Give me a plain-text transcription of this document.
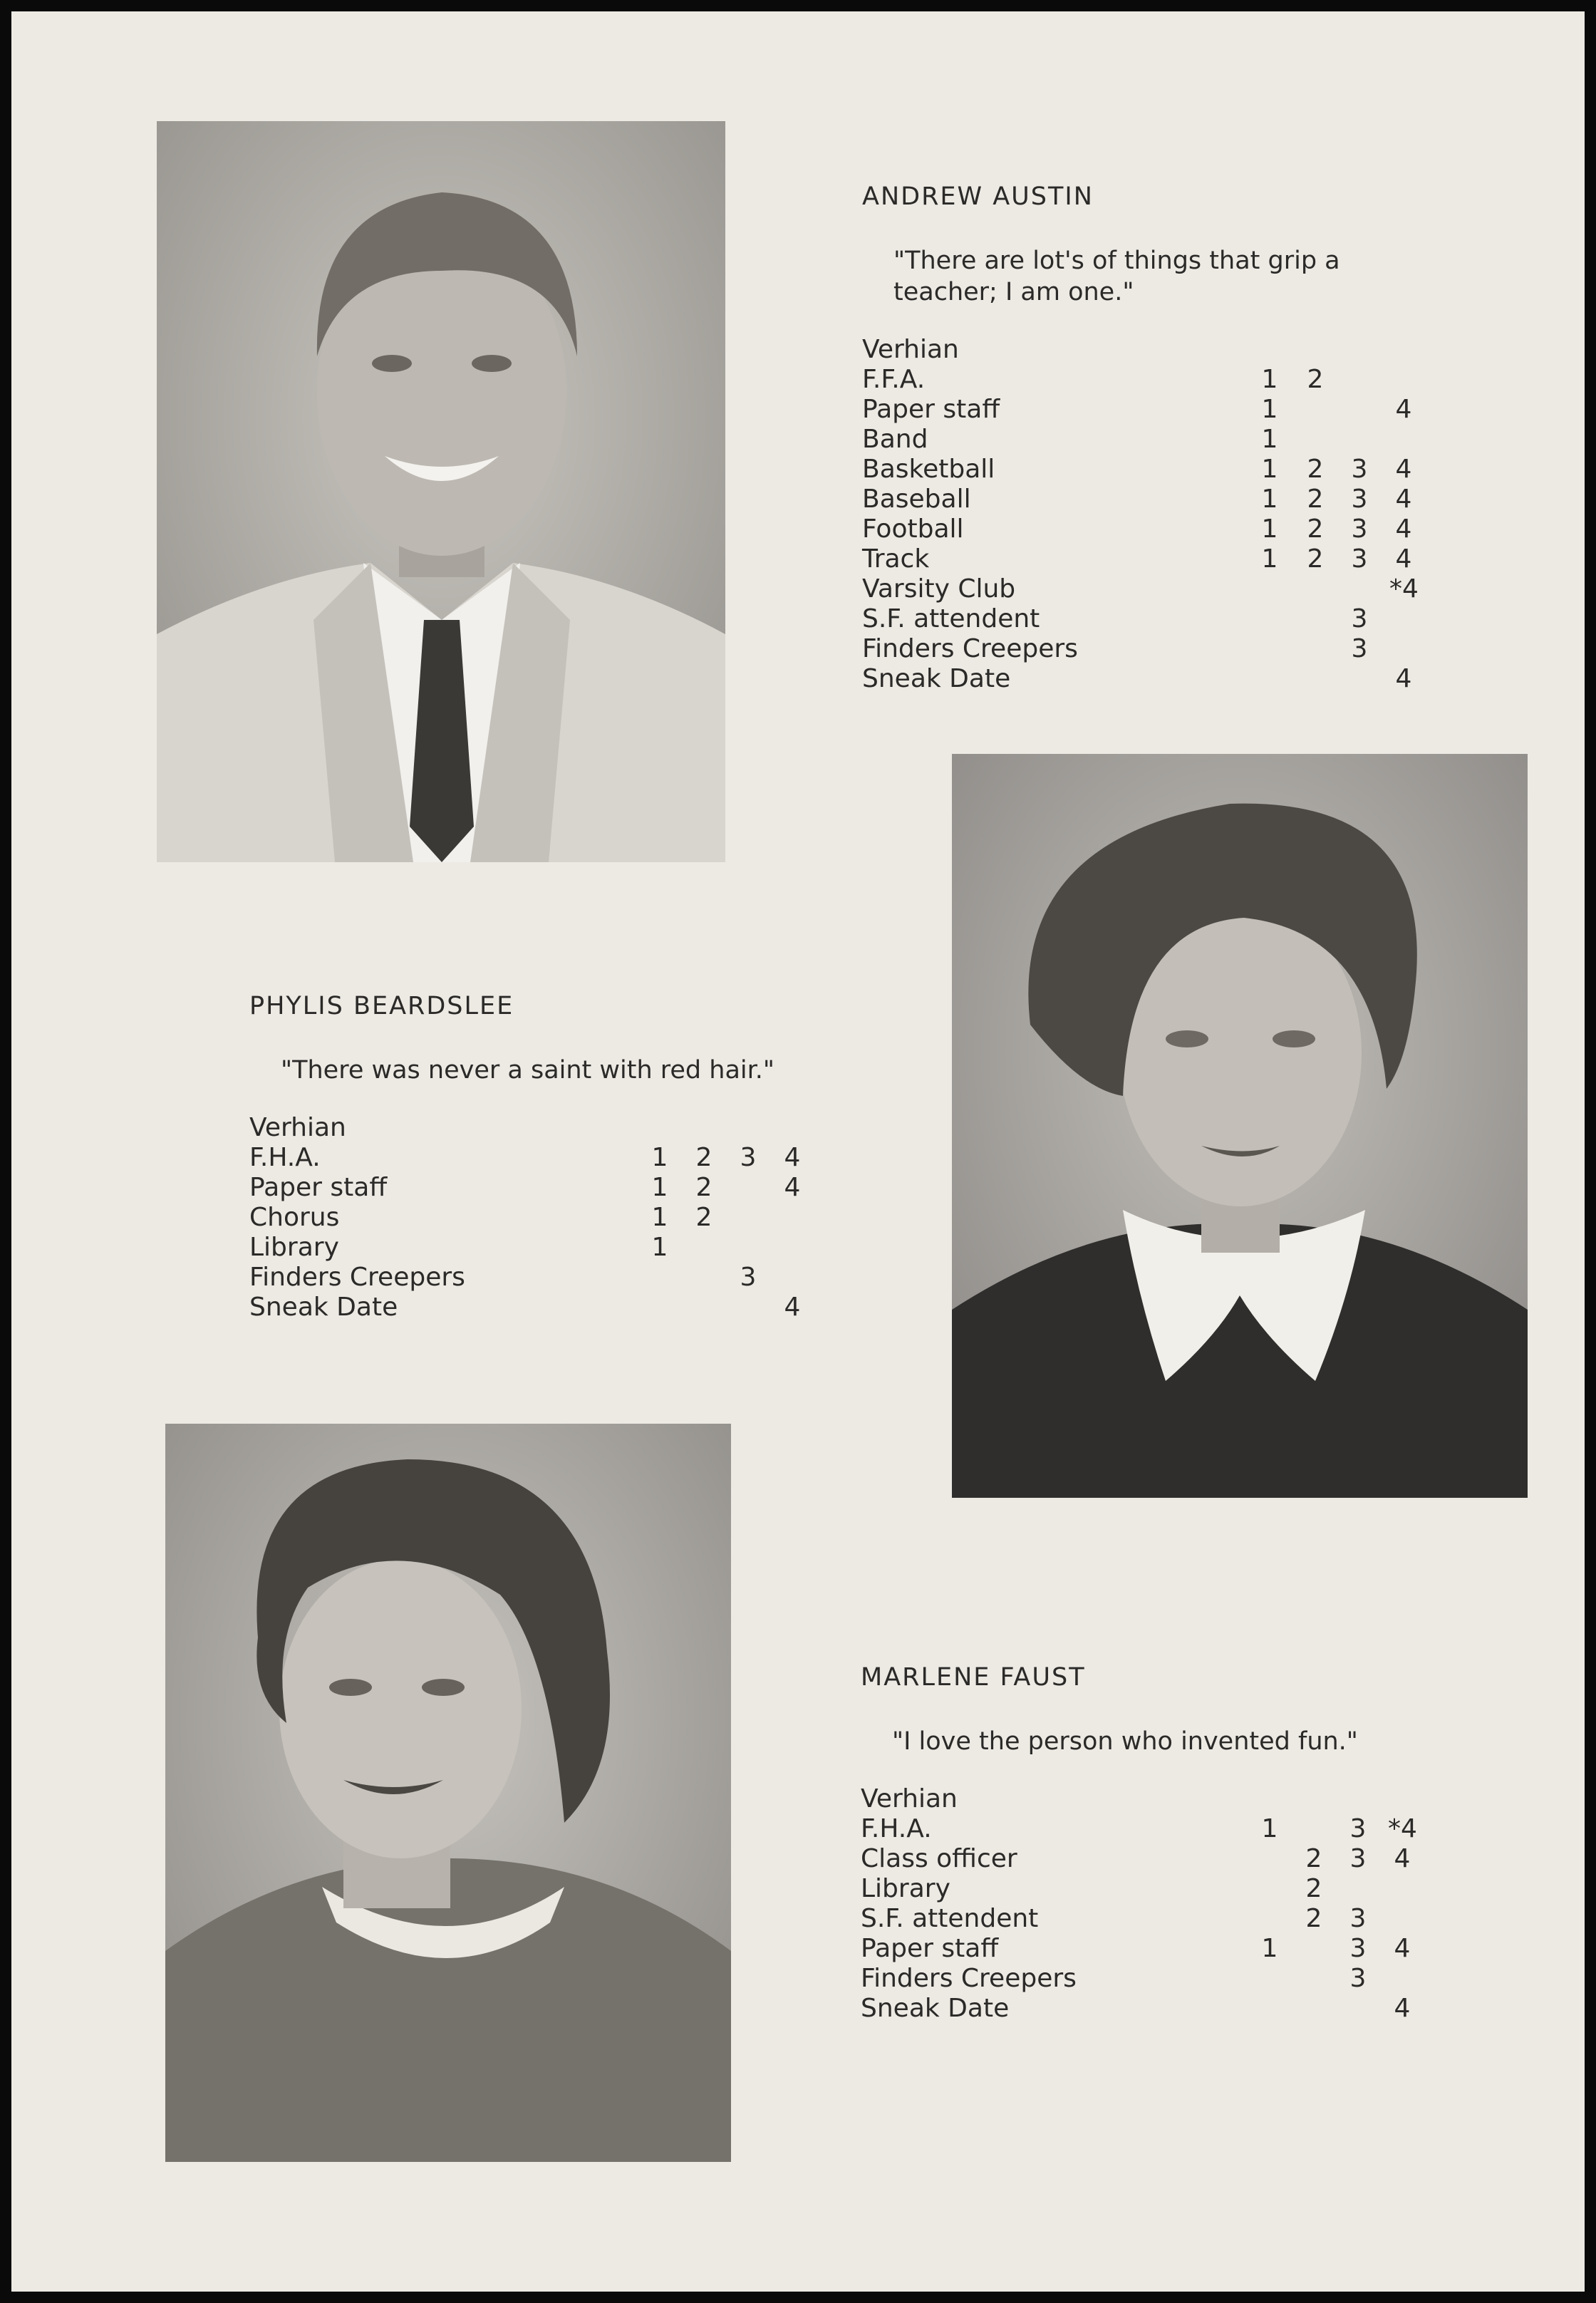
ANDREW AUSTIN
"There are lot's of things that grip a teacher; I am one."
Verhian
F.F.A.	1 2
Paper staff	1	4
Band	1
Basketball	1 2 3 4
Baseball	1 2 3 4
Football	1 2 3 4
Track	1 2 3 4
Varsity Club	*4
S.F. attendent	3
Finders Creepers	3
Sneak Date	4
PHYLIS BEARDSLEE
"There was never a saint with red hair."
Verhian
F.H.A.	1 2 3 4
Paper staff	1 2	4
Chorus	1 2
Library	1
Finders Creepers	3
Sneak Date	4
MARLENE FAUST
"I love the person who invented fun."
Verhian
F.H.A.	1	3 *4
Class officer	2 3 4
Library	2
S.F. attendent	2 3
Paper staff	1	3 4
Finders Creepers	3
Sneak Date	4
